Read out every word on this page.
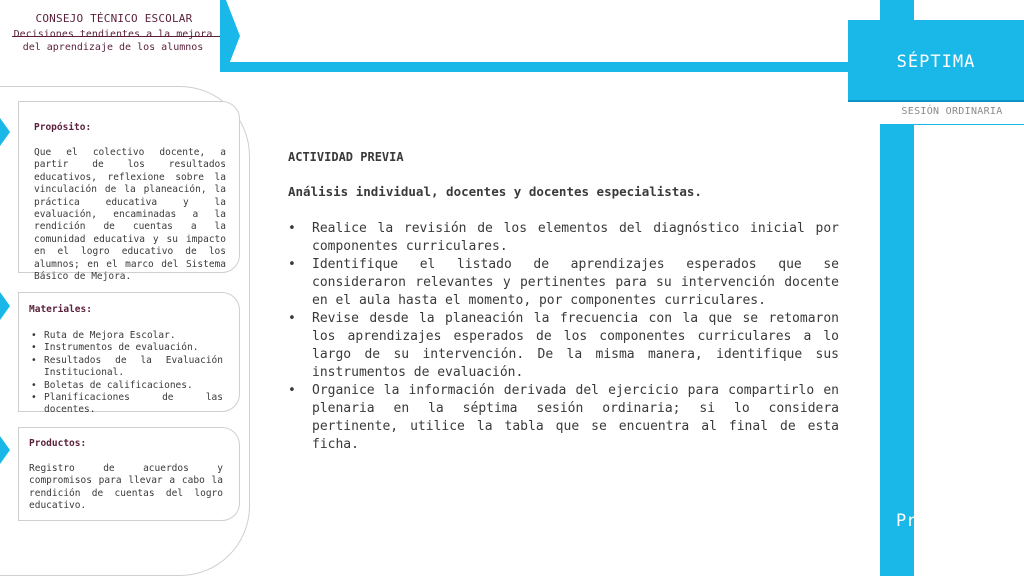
CONSEJO TÉCNICO ESCOLAR
Decisiones tendientes a la mejora
del aprendizaje de los alumnos
SÉPTIMA
SESIÓN ORDINARIA
Preescolar
Propósito:
Que el colectivo docente, a partir de los resultados educativos, reflexione sobre la vinculación de la planeación, la práctica educativa y la evaluación, encaminadas a la rendición de cuentas a la comunidad educativa y su impacto en el logro educativo de los alumnos; en el marco del Sistema Básico de Mejora.
Materiales:
• Ruta de Mejora Escolar.
• Instrumentos de evaluación.
• Resultados de la Evaluación Institucional.
• Boletas de calificaciones.
• Planificaciones de las docentes.
Productos:
Registro de acuerdos y compromisos para llevar a cabo la rendición de cuentas del logro educativo.
ACTIVIDAD PREVIA
Análisis individual, docentes y docentes especialistas.
• Realice la revisión de los elementos del diagnóstico inicial por componentes curriculares.
• Identifique el listado de aprendizajes esperados que se consideraron relevantes y pertinentes para su intervención docente en el aula hasta el momento, por componentes curriculares.
• Revise desde la planeación la frecuencia con la que se retomaron los aprendizajes esperados de los componentes curriculares a lo largo de su intervención. De la misma manera, identifique sus instrumentos de evaluación.
• Organice la información derivada del ejercicio para compartirlo en plenaria en la séptima sesión ordinaria; si lo considera pertinente, utilice la tabla que se encuentra al final de esta ficha.
